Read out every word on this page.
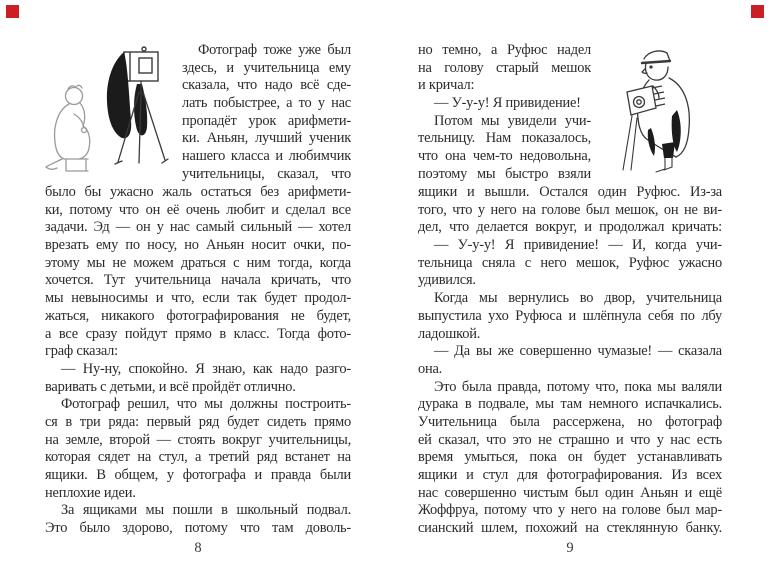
Фотограф тоже уже был
здесь, и учительница ему
сказала, что надо всё сде-
лать побыстрее, а то у нас
пропадёт урок арифмети-
ки. Аньян, лучший ученик
нашего класса и любимчик
учительницы, сказал, что
было бы ужасно жаль остаться без арифмети-
ки, потому что он её очень любит и сделал все
задачи. Эд — он у нас самый сильный — хотел
врезать ему по носу, но Аньян носит очки, по-
этому мы не можем драться с ним тогда, когда
хочется. Тут учительница начала кричать, что
мы невыносимы и что, если так будет продол-
жаться, никакого фотографирования не будет,
а все сразу пойдут прямо в класс. Тогда фото-
граф сказал:
— Ну-ну, спокойно. Я знаю, как надо разго-
варивать с детьми, и всё пройдёт отлично.
Фотограф решил, что мы должны построить-
ся в три ряда: первый ряд будет сидеть прямо
на земле, второй — стоять вокруг учительницы,
которая сядет на стул, а третий ряд встанет на
ящики. В общем, у фотографа и правда были
неплохие идеи.
За ящиками мы пошли в школьный подвал.
Это было здорово, потому что там доволь-
8
но темно, а Руфюс надел
на голову старый мешок
и кричал:
— У-у-у! Я привидение!
Потом мы увидели учи-
тельницу. Нам показалось,
что она чем-то недовольна,
поэтому мы быстро взяли
ящики и вышли. Остался один Руфюс. Из-за
того, что у него на голове был мешок, он не ви-
дел, что делается вокруг, и продолжал кричать:
— У-у-у! Я привидение! — И, когда учи-
тельница сняла с него мешок, Руфюс ужасно
удивился.
Когда мы вернулись во двор, учительница
выпустила ухо Руфюса и шлёпнула себя по лбу
ладошкой.
— Да вы же совершенно чумазые! — сказала
она.
Это была правда, потому что, пока мы валяли
дурака в подвале, мы там немного испачкались.
Учительница была рассержена, но фотограф
ей сказал, что это не страшно и что у нас есть
время умыться, пока он будет устанавливать
ящики и стул для фотографирования. Из всех
нас совершенно чистым был один Аньян и ещё
Жоффруа, потому что у него на голове был мар-
сианский шлем, похожий на стеклянную банку.
9
